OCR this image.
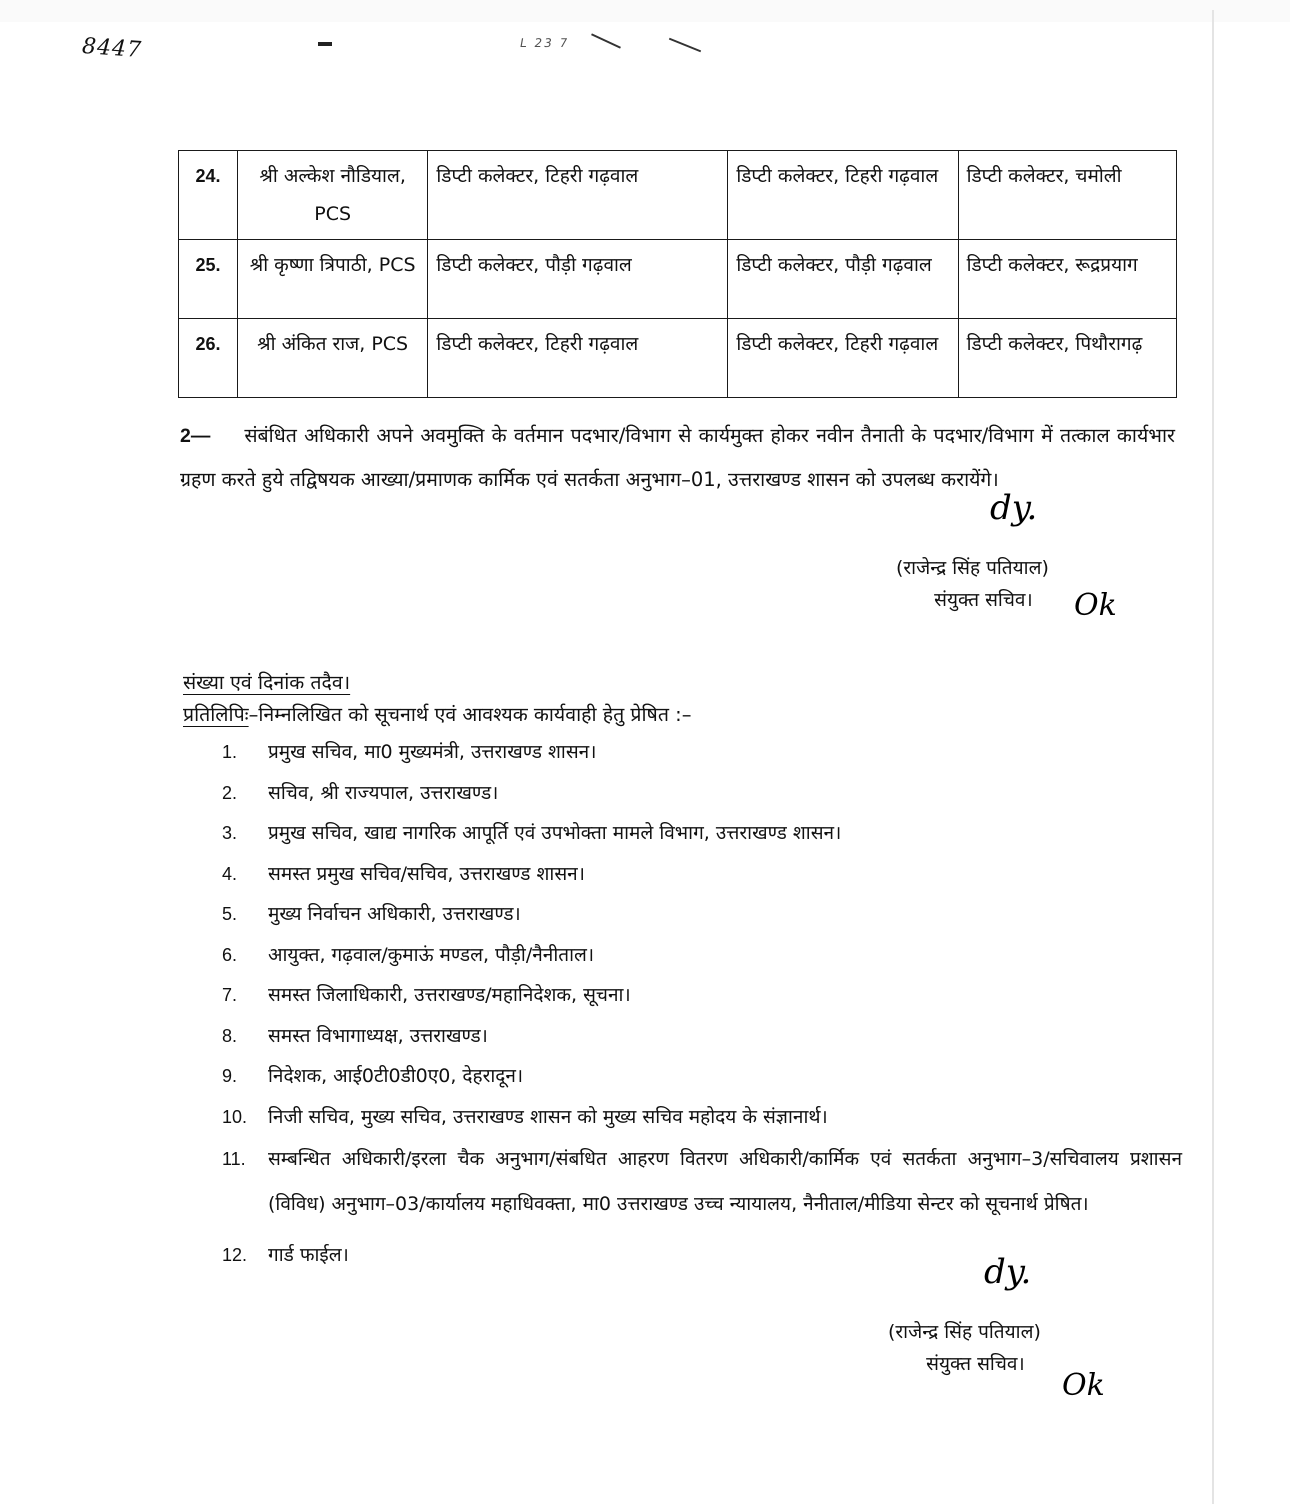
8447	L 23 7
24.	श्री अल्केश नौडियाल, PCS	डिप्टी कलेक्टर, टिहरी गढ़वाल	डिप्टी कलेक्टर, टिहरी गढ़वाल	डिप्टी कलेक्टर, चमोली
25.	श्री कृष्णा त्रिपाठी, PCS	डिप्टी कलेक्टर, पौड़ी गढ़वाल	डिप्टी कलेक्टर, पौड़ी गढ़वाल	डिप्टी कलेक्टर, रूद्रप्रयाग
26.	श्री अंकित राज, PCS	डिप्टी कलेक्टर, टिहरी गढ़वाल	डिप्टी कलेक्टर, टिहरी गढ़वाल	डिप्टी कलेक्टर, पिथौरागढ़
2— संबंधित अधिकारी अपने अवमुक्ति के वर्तमान पदभार/विभाग से कार्यमुक्त होकर नवीन तैनाती के पदभार/विभाग में तत्काल कार्यभार ग्रहण करते हुये तद्विषयक आख्या/प्रमाणक कार्मिक एवं सतर्कता अनुभाग–01, उत्तराखण्ड शासन को उपलब्ध करायेंगे।
dy.
(राजेन्द्र सिंह पतियाल)
संयुक्त सचिव।	Ok
संख्या एवं दिनांक तदैव।
प्रतिलिपिः–निम्नलिखित को सूचनार्थ एवं आवश्यक कार्यवाही हेतु प्रेषित :–
1. प्रमुख सचिव, मा0 मुख्यमंत्री, उत्तराखण्ड शासन।
2. सचिव, श्री राज्यपाल, उत्तराखण्ड।
3. प्रमुख सचिव, खाद्य नागरिक आपूर्ति एवं उपभोक्ता मामले विभाग, उत्तराखण्ड शासन।
4. समस्त प्रमुख सचिव/सचिव, उत्तराखण्ड शासन।
5. मुख्य निर्वाचन अधिकारी, उत्तराखण्ड।
6. आयुक्त, गढ़वाल/कुमाऊं मण्डल, पौड़ी/नैनीताल।
7. समस्त जिलाधिकारी, उत्तराखण्ड/महानिदेशक, सूचना।
8. समस्त विभागाध्यक्ष, उत्तराखण्ड।
9. निदेशक, आई0टी0डी0ए0, देहरादून।
10. निजी सचिव, मुख्य सचिव, उत्तराखण्ड शासन को मुख्य सचिव महोदय के संज्ञानार्थ।
11. सम्बन्धित अधिकारी/इरला चैक अनुभाग/संबधित आहरण वितरण अधिकारी/कार्मिक एवं सतर्कता अनुभाग–3/सचिवालय प्रशासन (विविध) अनुभाग–03/कार्यालय महाधिवक्ता, मा0 उत्तराखण्ड उच्च न्यायालय, नैनीताल/मीडिया सेन्टर को सूचनार्थ प्रेषित।
12. गार्ड फाईल।	dy.
(राजेन्द्र सिंह पतियाल)
संयुक्त सचिव।
Ok
